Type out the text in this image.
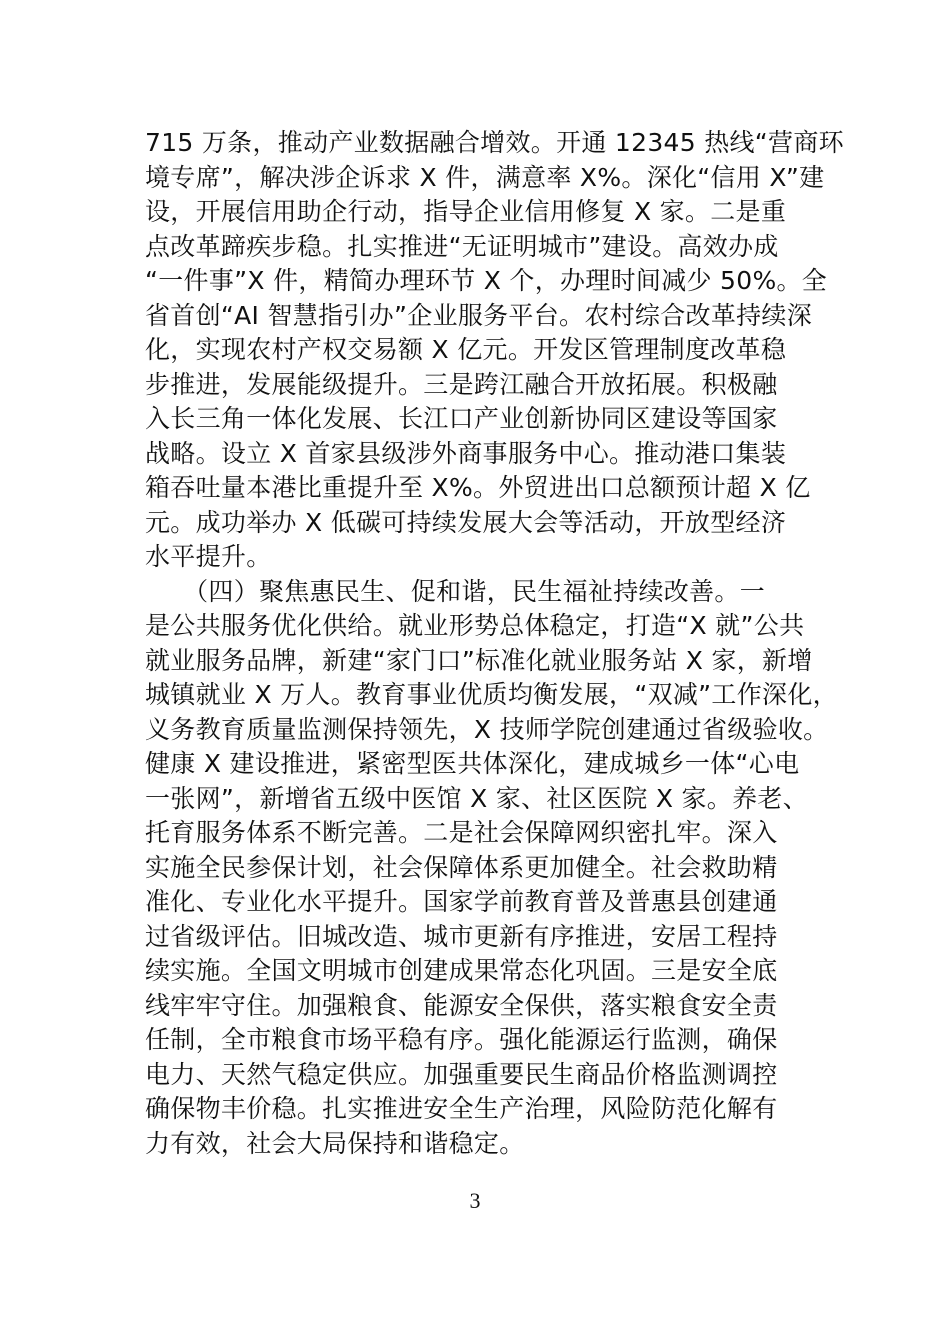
715 万条，推动产业数据融合增效。开通 12345 热线“营商环
境专席”，解决涉企诉求 X 件，满意率 X%。深化“信用 X”建
设，开展信用助企行动，指导企业信用修复 X 家。二是重
点改革蹄疾步稳。扎实推进“无证明城市”建设。高效办成
“一件事”X 件，精简办理环节 X 个，办理时间减少 50%。全
省首创“AI 智慧指引办”企业服务平台。农村综合改革持续深
化，实现农村产权交易额 X 亿元。开发区管理制度改革稳
步推进，发展能级提升。三是跨江融合开放拓展。积极融
入长三角一体化发展、长江口产业创新协同区建设等国家
战略。设立 X 首家县级涉外商事服务中心。推动港口集装
箱吞吐量本港比重提升至 X%。外贸进出口总额预计超 X 亿
元。成功举办 X 低碳可持续发展大会等活动，开放型经济
水平提升。
　　（四）聚焦惠民生、促和谐，民生福祉持续改善。一
是公共服务优化供给。就业形势总体稳定，打造“X 就”公共
就业服务品牌，新建“家门口”标准化就业服务站 X 家，新增
城镇就业 X 万人。教育事业优质均衡发展，“双减”工作深化，
义务教育质量监测保持领先，X 技师学院创建通过省级验收。
健康 X 建设推进，紧密型医共体深化，建成城乡一体“心电
一张网”，新增省五级中医馆 X 家、社区医院 X 家。养老、
托育服务体系不断完善。二是社会保障网织密扎牢。深入
实施全民参保计划，社会保障体系更加健全。社会救助精
准化、专业化水平提升。国家学前教育普及普惠县创建通
过省级评估。旧城改造、城市更新有序推进，安居工程持
续实施。全国文明城市创建成果常态化巩固。三是安全底
线牢牢守住。加强粮食、能源安全保供，落实粮食安全责
任制，全市粮食市场平稳有序。强化能源运行监测，确保
电力、天然气稳定供应。加强重要民生商品价格监测调控
确保物丰价稳。扎实推进安全生产治理，风险防范化解有
力有效，社会大局保持和谐稳定。
3
